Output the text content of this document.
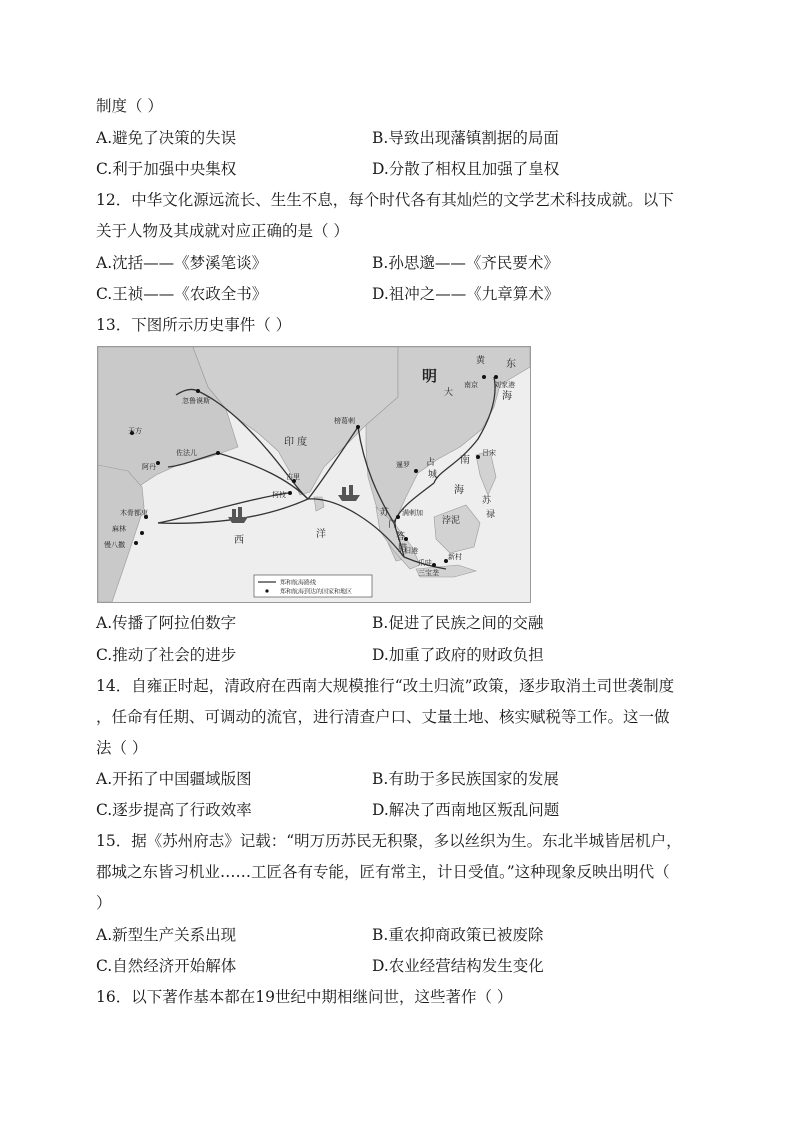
制度（ ）
A.避免了决策的失误	B.导致出现藩镇割据的局面
C.利于加强中央集权	D.分散了相权且加强了皇权
12．中华文化源远流长、生生不息，每个时代各有其灿烂的文学艺术科技成就。以下
关于人物及其成就对应正确的是（ ）
A.沈括——《梦溪笔谈》	B.孙思邈——《齐民要术》
C.王祯——《农政全书》	D.祖冲之——《九章算术》
13．下图所示历史事件（ ）
明
印 度
西
洋
东
海
黄
大
南
海
苏
禄
浡泥
占
城
苏
门
答
腊
南京 刘家港
忽鲁谟斯
天方
佐法儿
阿丹
榜葛剌
古里
柯枝
木骨都束
麻林
慢八撒
暹罗
满剌加
旧港
爪哇
三宝垄
新村
吕宋
郑和航海路线
郑和航海到达的国家和地区
A.传播了阿拉伯数字	B.促进了民族之间的交融
C.推动了社会的进步	D.加重了政府的财政负担
14．自雍正时起，清政府在西南大规模推行“改土归流”政策，逐步取消土司世袭制度
，任命有任期、可调动的流官，进行清查户口、丈量土地、核实赋税等工作。这一做
法（ ）
A.开拓了中国疆域版图	B.有助于多民族国家的发展
C.逐步提高了行政效率	D.解决了西南地区叛乱问题
15．据《苏州府志》记载：“明万历苏民无积聚，多以丝织为生。东北半城皆居机户，
郡城之东皆习机业……工匠各有专能，匠有常主，计日受值。”这种现象反映出明代（
）
A.新型生产关系出现	B.重农抑商政策已被废除
C.自然经济开始解体	D.农业经营结构发生变化
16．以下著作基本都在19世纪中期相继问世，这些著作（ ）
